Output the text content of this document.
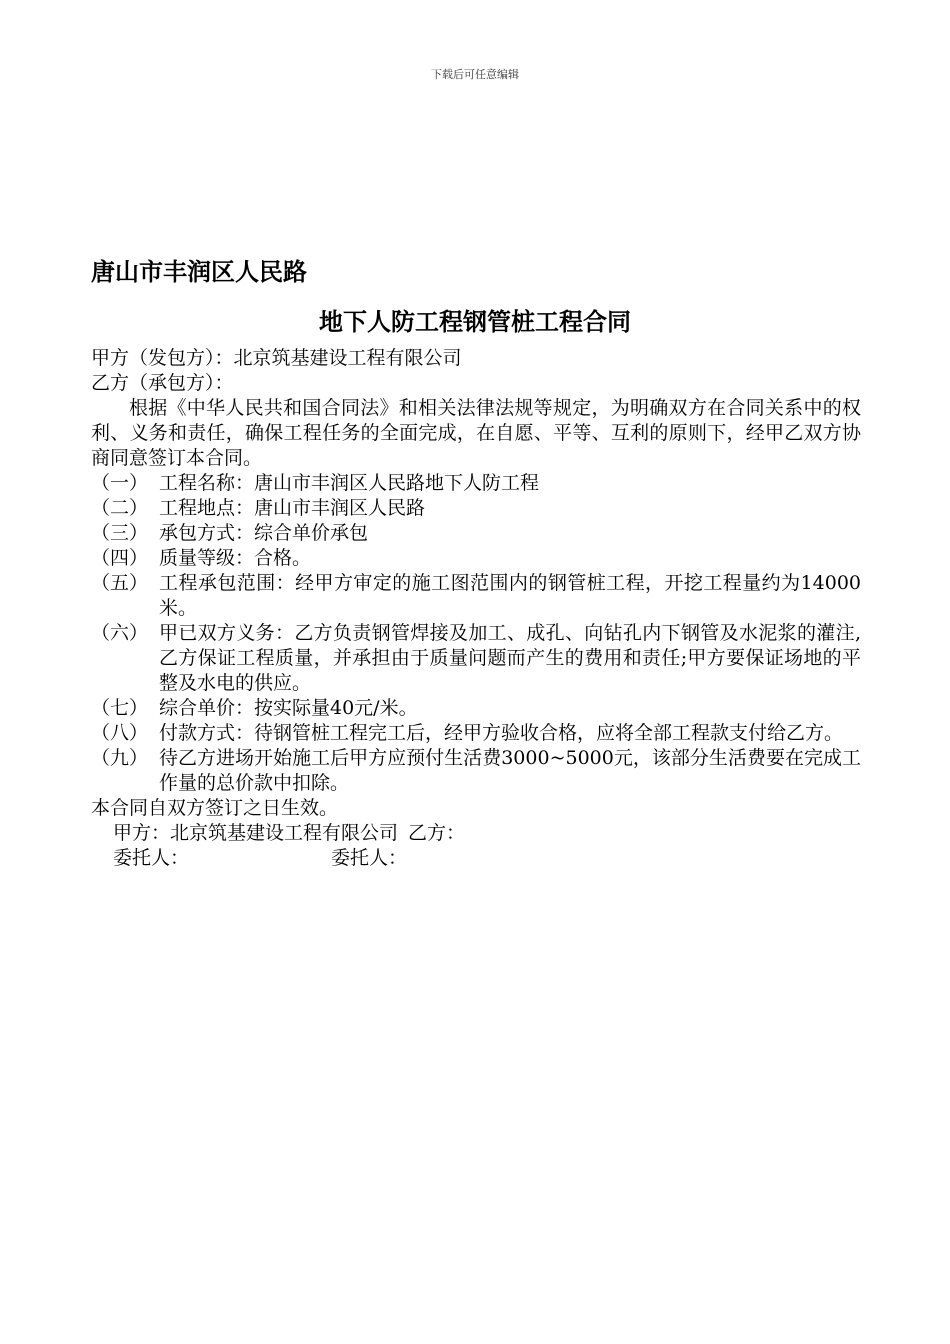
下载后可任意编辑
唐山市丰润区人民路
地下人防工程钢管桩工程合同
甲方（发包方）：北京筑基建设工程有限公司
乙方（承包方）：
根据《中华人民共和国合同法》和相关法律法规等规定，为明确双方在合同关系中的权利、义务和责任，确保工程任务的全面完成，在自愿、平等、互利的原则下，经甲乙双方协商同意签订本合同。
（一） 工程名称：唐山市丰润区人民路地下人防工程
（二） 工程地点：唐山市丰润区人民路
（三） 承包方式：综合单价承包
（四） 质量等级：合格。
（五） 工程承包范围：经甲方审定的施工图范围内的钢管桩工程，开挖工程量约为14000米。
（六） 甲已双方义务：乙方负责钢管焊接及加工、成孔、向钻孔内下钢管及水泥浆的灌注,乙方保证工程质量，并承担由于质量问题而产生的费用和责任;甲方要保证场地的平整及水电的供应。
（七） 综合单价：按实际量40元/米。
（八） 付款方式：待钢管桩工程完工后，经甲方验收合格，应将全部工程款支付给乙方。
（九） 待乙方进场开始施工后甲方应预付生活费3000~5000元，该部分生活费要在完成工作量的总价款中扣除。
本合同自双方签订之日生效。
甲方：北京筑基建设工程有限公司 乙方：
委托人：	委托人：
